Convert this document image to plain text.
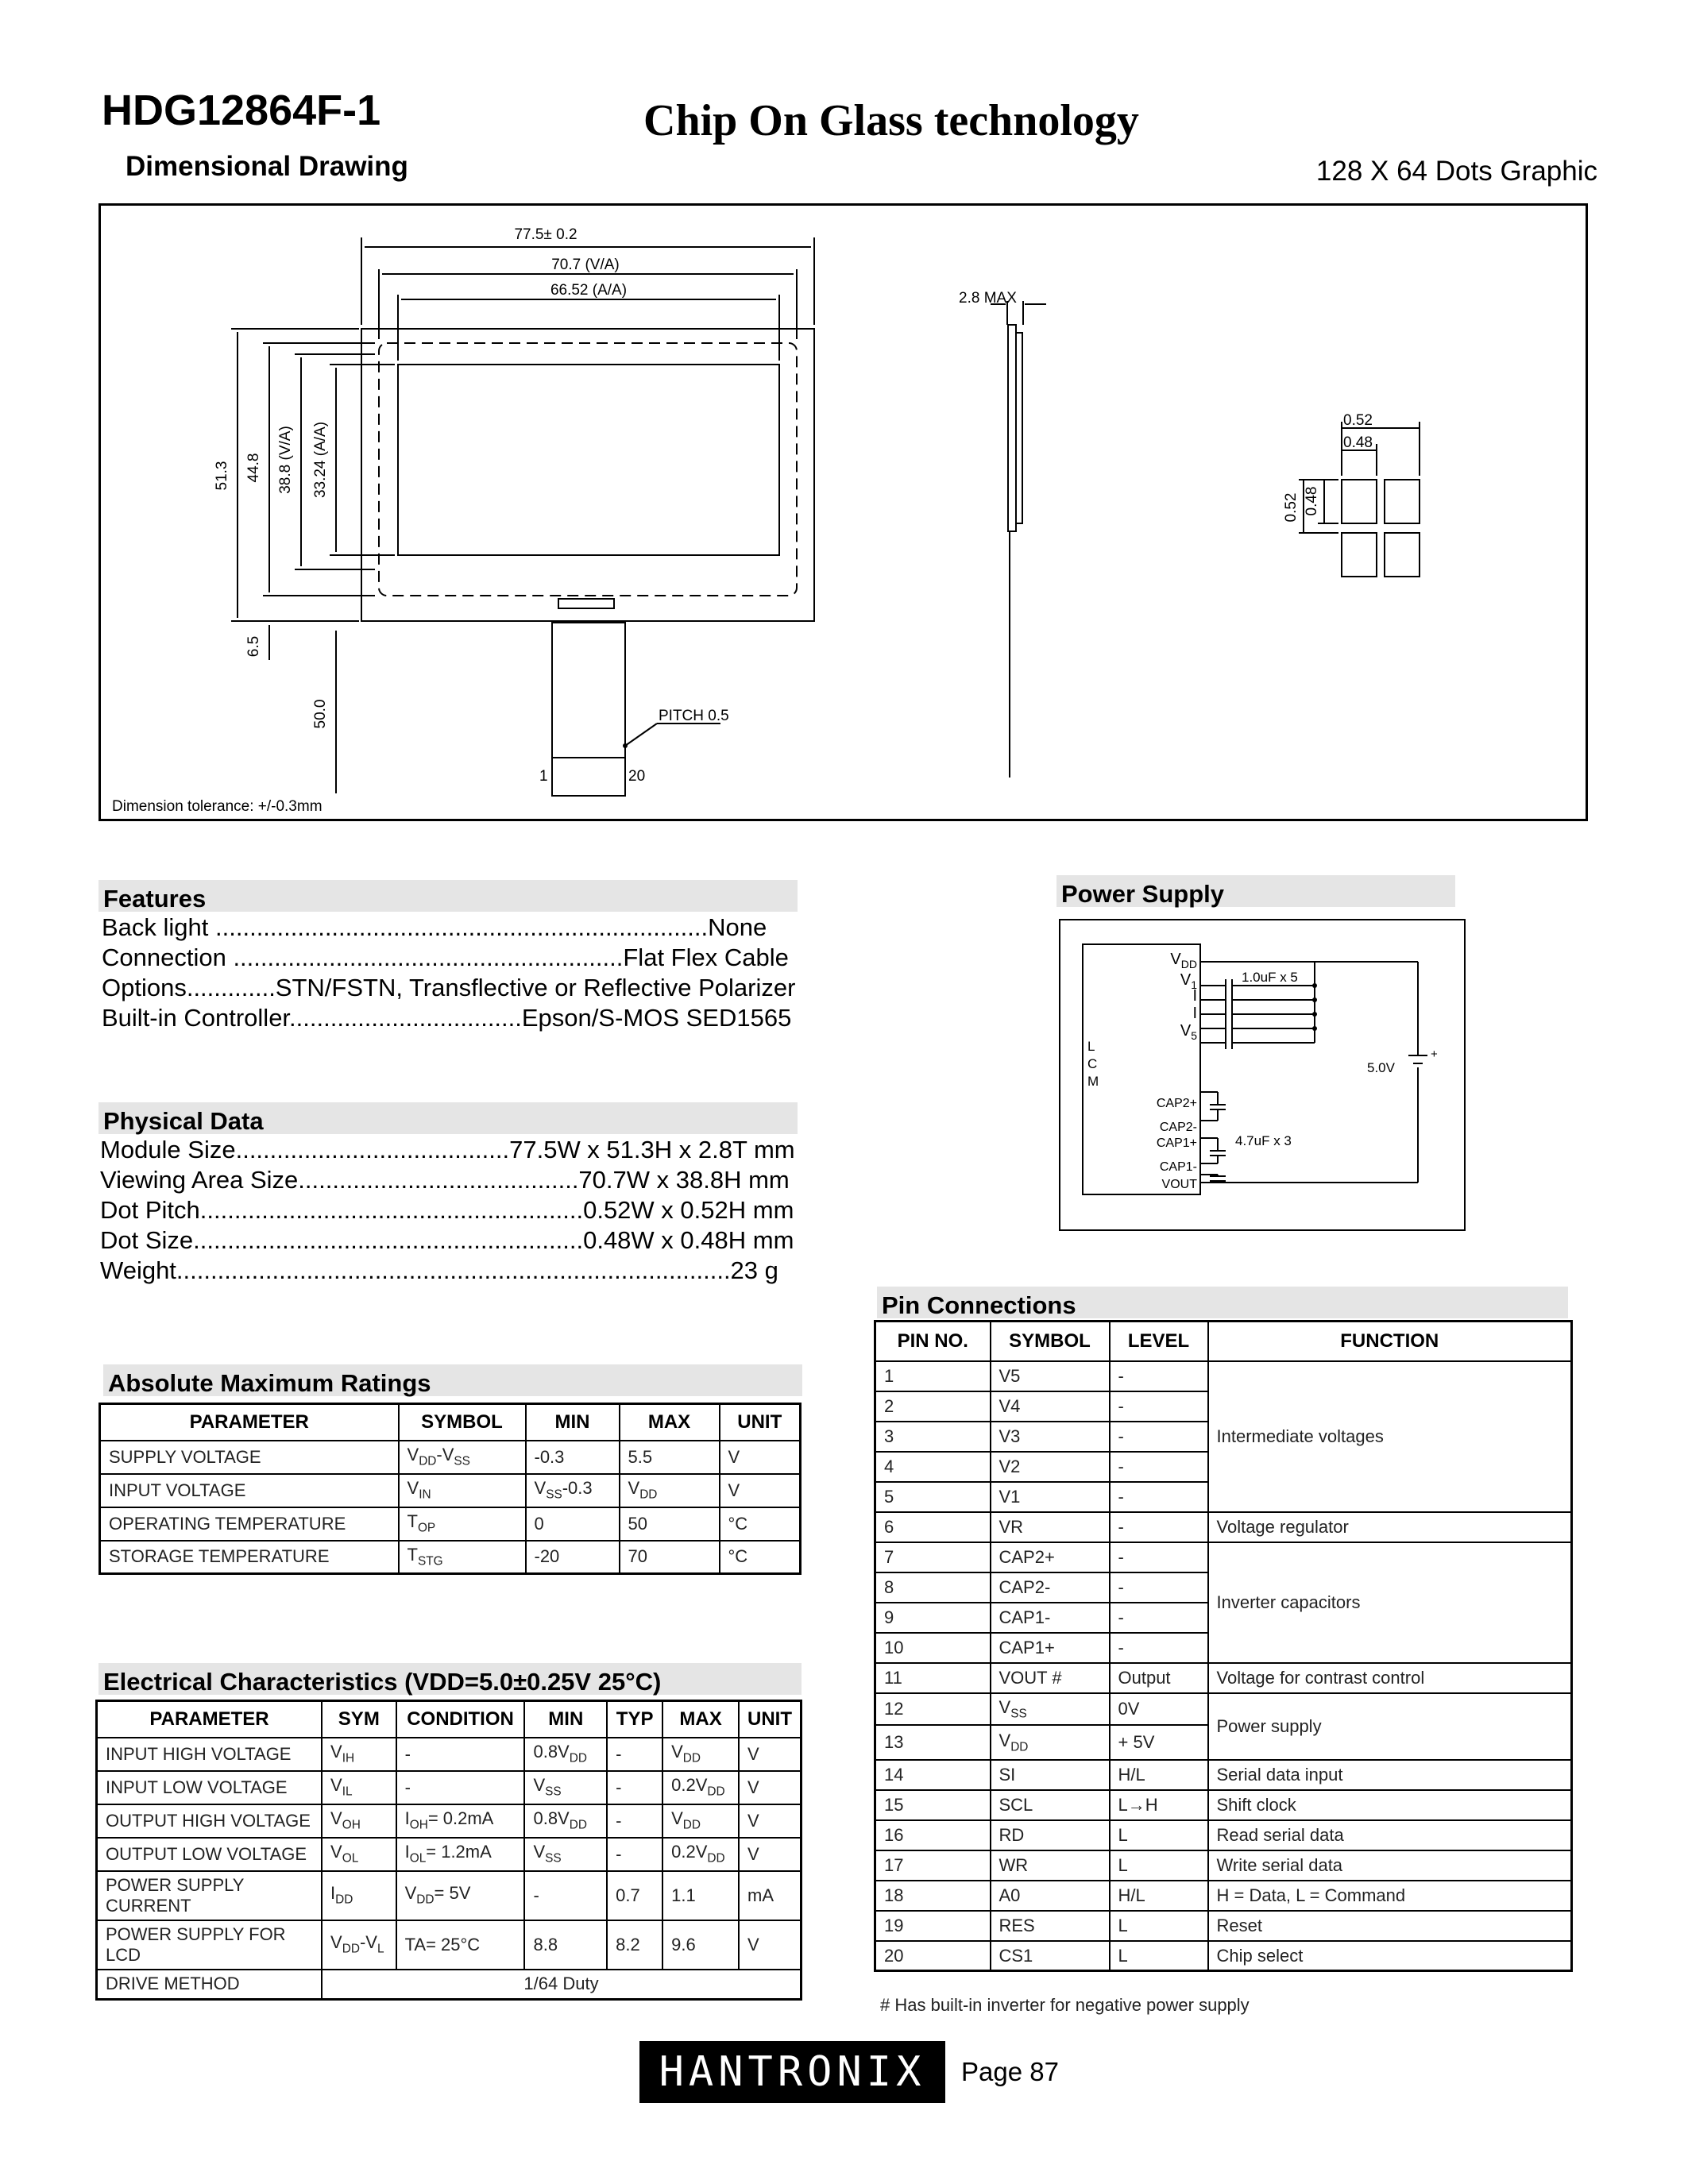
HDG12864F-1	Chip On Glass technology
Dimensional Drawing	128 X 64 Dots Graphic
77.5± 0.2
70.7 (V/A)
66.52 (A/A)	2.8 MAX
51.3 44.8 38.8 (V/A) 33.24 (A/A)
6.5
50.0	PITCH 0.5
1	20
0.52
0.48
0.52 0.48
Dimension tolerance: +/-0.3mm
Features
Back light ........................................................................None
Connection .........................................................Flat Flex Cable
Options.............STN/FSTN, Transflective or Reflective Polarizer
Built-in Controller..................................Epson/S-MOS SED1565
Physical Data
Module Size........................................77.5W x 51.3H x 2.8T mm
Viewing Area Size.........................................70.7W x 38.8H mm
Dot Pitch........................................................0.52W x 0.52H mm
Dot Size.........................................................0.48W x 0.48H mm
Weight.................................................................................23 g
Absolute Maximum Ratings
PARAMETER	SYMBOL	MIN	MAX	UNIT
SUPPLY VOLTAGE	$V_{DD}-V_{SS}$	-0.3	5.5	V
INPUT VOLTAGE	$V_{IN}$	$V_{SS}-0.3$	$V_{DD}$	V
OPERATING TEMPERATURE	$T_{OP}$	0	50	°C
STORAGE TEMPERATURE	$T_{STG}$	-20	70	°C
Electrical Characteristics (VDD=5.0±0.25V 25°C)
PARAMETER	SYM	CONDITION	MIN	TYP	MAX	UNIT
INPUT HIGH VOLTAGE	$V_{IH}$	-	$0.8V_{DD}$	-	$V_{DD}$	V
INPUT LOW VOLTAGE	$V_{IL}$	-	$V_{SS}$	-	$0.2V_{DD}$	V
OUTPUT HIGH VOLTAGE	$V_{OH}$	$I_{OH}= 0.2mA$	$0.8V_{DD}$	-	$V_{DD}$	V
OUTPUT LOW VOLTAGE	$V_{OL}$	$I_{OL}= 1.2mA$	$V_{SS}$	-	$0.2V_{DD}$	V
POWER SUPPLY CURRENT	$I_{DD}$	$V_{DD}= 5V$	-	0.7	1.1	mA
POWER SUPPLY FOR LCD	$V_{DD}-V_L$	TA= 25°C	8.8	8.2	9.6	V
DRIVE METHOD	1/64 Duty					
Power Supply
L
C
M
$V_{DD}$
$V_1$
I
I
$V_5$
CAP2+
CAP2-
CAP1+
CAP1-
VOUT
1.0uF x 5
4.7uF x 3
5.0V
+
Pin Connections
PIN NO.	SYMBOL	LEVEL	FUNCTION
1	V5	-	Intermediate voltages
2	V4	-	
3	V3	-	
4	V2	-	
5	V1	-	
6	VR	-	Voltage regulator
7	CAP2+	-	Inverter capacitors
8	CAP2-	-	
9	CAP1-	-	
10	CAP1+	-	
11	VOUT #	Output	Voltage for contrast control
12	$V_{SS}$	0V	Power supply
13	$V_{DD}$	+ 5V	
14	SI	H/L	Serial data input
15	SCL	L→H	Shift clock
16	RD	L	Read serial data
17	WR	L	Write serial data
18	A0	H/L	H = Data, L = Command
19	RES	L	Reset
20	CS1	L	Chip select
# Has built-in inverter for negative power supply
HANTRONIX	Page 87
